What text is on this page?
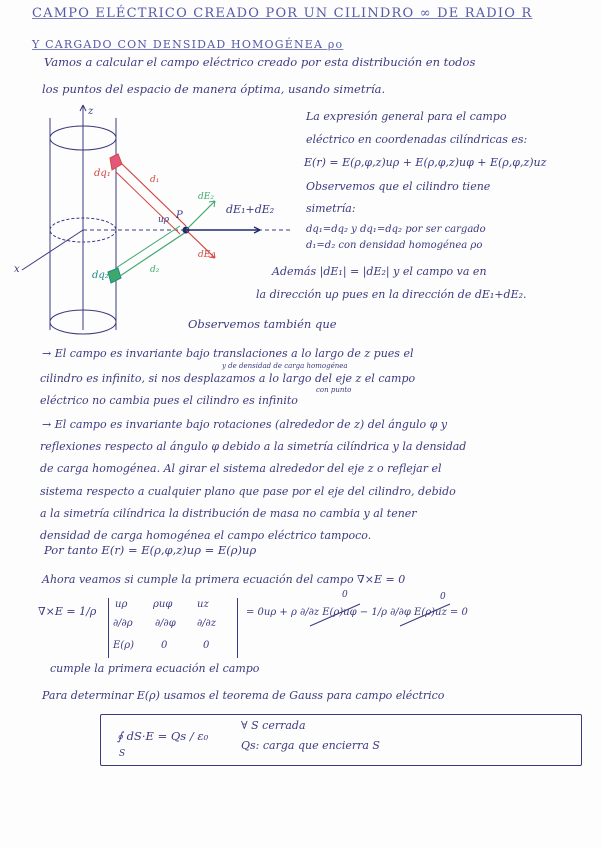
CAMPO ELÉCTRICO CREADO POR UN CILINDRO ∞ DE RADIO R
Y CARGADO CON DENSIDAD HOMOGÉNEA ρo
Vamos a calcular el campo eléctrico creado por esta distribución en todos
los puntos del espacio de manera óptima, usando simetría.
z
x
dq₁
dq₂
d₁
d₂
P
uρ
dE₂
dE₁
dE₁+dE₂
La expresión general para el campo
eléctrico en coordenadas cilíndricas es:
E(r) = E(ρ,φ,z)uρ + E(ρ,φ,z)uφ + E(ρ,φ,z)uz
Observemos que el cilindro tiene
simetría:
dq₁=dq₂ y dq₁=dq₂ por ser cargado
d₁=d₂ con densidad homogénea ρo
Además |dE₁| = |dE₂| y el campo va en
la dirección uρ pues en la dirección de dE₁+dE₂.
Observemos también que
→ El campo es invariante bajo translaciones a lo largo de z pues el
y de densidad de carga homogénea
cilindro es infinito, si nos desplazamos a lo largo del eje z el campo
con punto
eléctrico no cambia pues el cilindro es infinito
→ El campo es invariante bajo rotaciones (alrededor de z) del ángulo φ y
reflexiones respecto al ángulo φ debido a la simetría cilíndrica y la densidad
de carga homogénea. Al girar el sistema alrededor del eje z o reflejar el
sistema respecto a cualquier plano que pase por el eje del cilindro, debido
a la simetría cilíndrica la distribución de masa no cambia y al tener
densidad de carga homogénea el campo eléctrico tampoco.
Por tanto E(r) = E(ρ,φ,z)uρ = E(ρ)uρ
Ahora veamos si cumple la primera ecuación del campo ∇×E = 0
∇×E = 1/ρ
uρ	ρuφ uz
∂/∂ρ ∂/∂φ ∂/∂z
E(ρ)	0	0
= 0uρ + ρ ∂/∂z E(ρ)uφ − 1/ρ ∂/∂φ E(ρ)uz = 0
0	0
cumple la primera ecuación el campo
Para determinar E(ρ) usamos el teorema de Gauss para campo eléctrico
∮ dS·E = Qs / ε₀
S
∀ S cerrada
Qs: carga que encierra S
